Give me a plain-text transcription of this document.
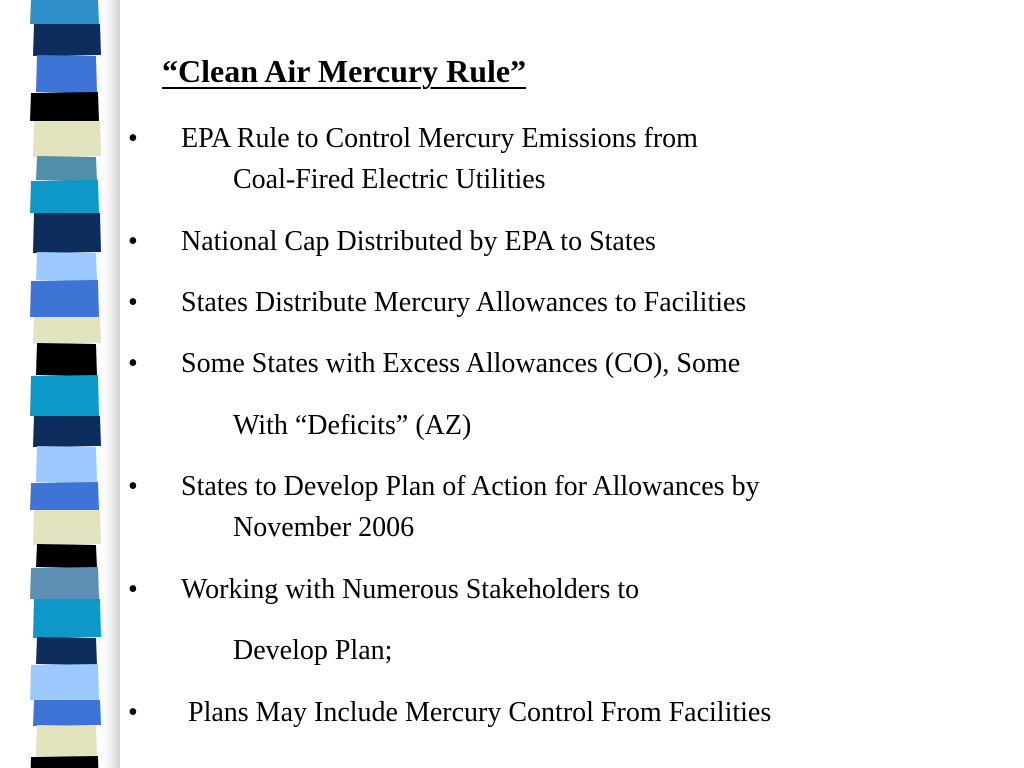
“Clean Air Mercury Rule”
• EPA Rule to Control Mercury Emissions from
Coal-Fired Electric Utilities
• National Cap Distributed by EPA to States
• States Distribute Mercury Allowances to Facilities
• Some States with Excess Allowances (CO), Some
With “Deficits” (AZ)
• States to Develop Plan of Action for Allowances by
November 2006
• Working with Numerous Stakeholders to
Develop Plan;
• Plans May Include Mercury Control From Facilities
